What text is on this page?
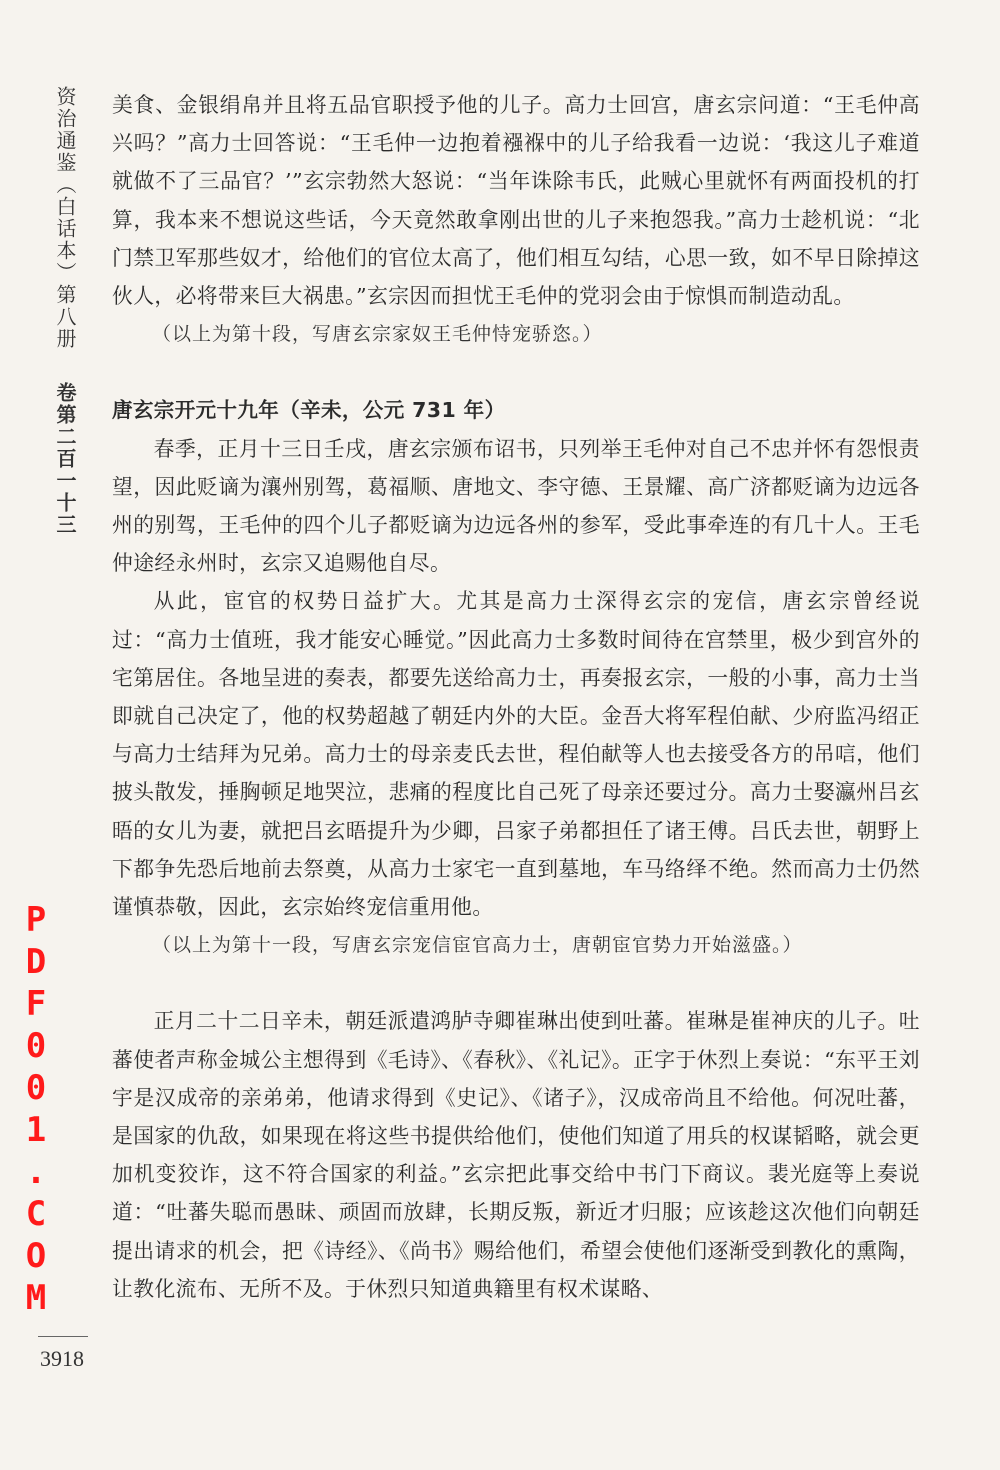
资治通鉴（白话本）第八册 卷第二百一十三
PDF001.COM

美食、金银绢帛并且将五品官职授予他的儿子。高力士回宫，唐玄宗问道：“王毛仲高兴吗？”高力士回答说：“王毛仲一边抱着襁褓中的儿子给我看一边说：‘我这儿子难道就做不了三品官？’”玄宗勃然大怒说：“当年诛除韦氏，此贼心里就怀有两面投机的打算，我本来不想说这些话，今天竟然敢拿刚出世的儿子来抱怨我。”高力士趁机说：“北门禁卫军那些奴才，给他们的官位太高了，他们相互勾结，心思一致，如不早日除掉这伙人，必将带来巨大祸患。”玄宗因而担忧王毛仲的党羽会由于惊惧而制造动乱。

（以上为第十段，写唐玄宗家奴王毛仲恃宠骄恣。）

唐玄宗开元十九年（辛未，公元 731 年）

春季，正月十三日壬戌，唐玄宗颁布诏书，只列举王毛仲对自己不忠并怀有怨恨责望，因此贬谪为瀼州别驾，葛福顺、唐地文、李守德、王景耀、高广济都贬谪为边远各州的别驾，王毛仲的四个儿子都贬谪为边远各州的参军，受此事牵连的有几十人。王毛仲途经永州时，玄宗又追赐他自尽。

从此，宦官的权势日益扩大。尤其是高力士深得玄宗的宠信，唐玄宗曾经说过：“高力士值班，我才能安心睡觉。”因此高力士多数时间待在宫禁里，极少到宫外的宅第居住。各地呈进的奏表，都要先送给高力士，再奏报玄宗，一般的小事，高力士当即就自己决定了，他的权势超越了朝廷内外的大臣。金吾大将军程伯献、少府监冯绍正与高力士结拜为兄弟。高力士的母亲麦氏去世，程伯献等人也去接受各方的吊唁，他们披头散发，捶胸顿足地哭泣，悲痛的程度比自己死了母亲还要过分。高力士娶瀛州吕玄晤的女儿为妻，就把吕玄晤提升为少卿，吕家子弟都担任了诸王傅。吕氏去世，朝野上下都争先恐后地前去祭奠，从高力士家宅一直到墓地，车马络绎不绝。然而高力士仍然谨慎恭敬，因此，玄宗始终宠信重用他。

（以上为第十一段，写唐玄宗宠信宦官高力士，唐朝宦官势力开始滋盛。）

正月二十二日辛未，朝廷派遣鸿胪寺卿崔琳出使到吐蕃。崔琳是崔神庆的儿子。吐蕃使者声称金城公主想得到《毛诗》、《春秋》、《礼记》。正字于休烈上奏说：“东平王刘宇是汉成帝的亲弟弟，他请求得到《史记》、《诸子》，汉成帝尚且不给他。何况吐蕃，是国家的仇敌，如果现在将这些书提供给他们，使他们知道了用兵的权谋韬略，就会更加机变狡诈，这不符合国家的利益。”玄宗把此事交给中书门下商议。裴光庭等上奏说道：“吐蕃失聪而愚昧、顽固而放肆，长期反叛，新近才归服；应该趁这次他们向朝廷提出请求的机会，把《诗经》、《尚书》赐给他们，希望会使他们逐渐受到教化的熏陶，让教化流布、无所不及。于休烈只知道典籍里有权术谋略、

3918
